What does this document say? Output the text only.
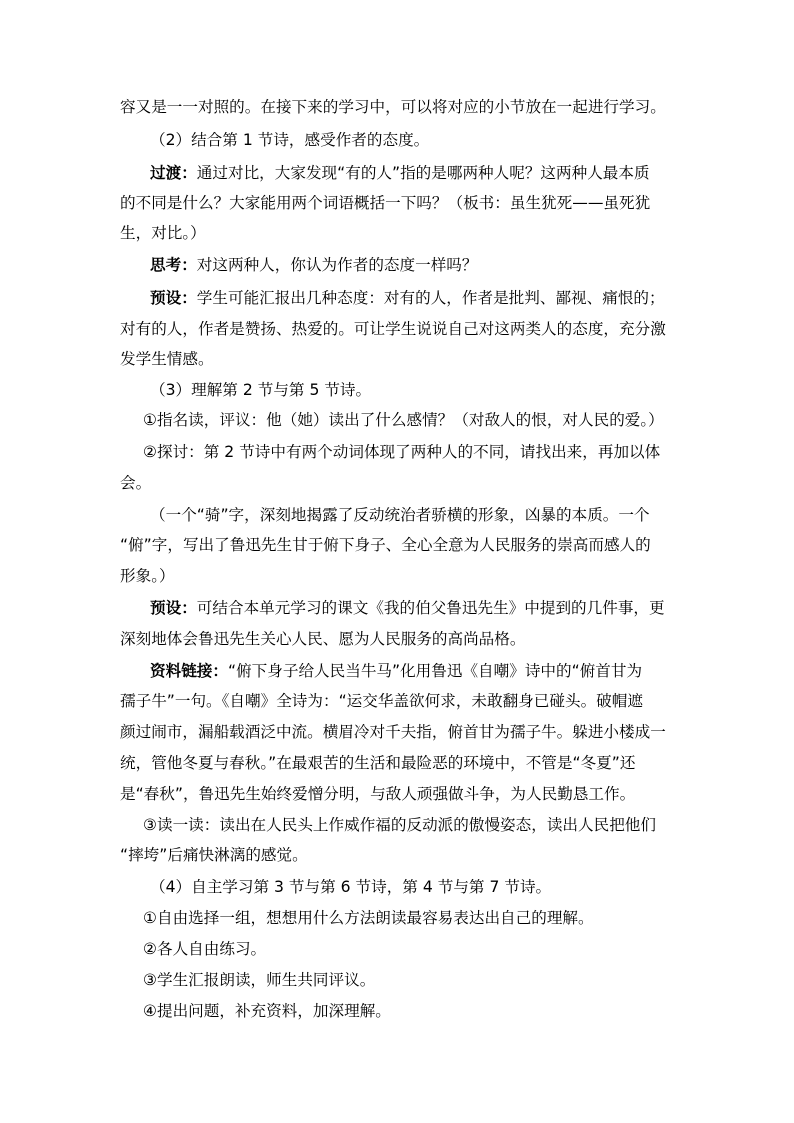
容又是一一对照的。在接下来的学习中，可以将对应的小节放在一起进行学习。
（2）结合第 1 节诗，感受作者的态度。
过渡：通过对比，大家发现“有的人”指的是哪两种人呢？这两种人最本质
的不同是什么？大家能用两个词语概括一下吗？（板书：虽生犹死——虽死犹
生，对比。）
思考：对这两种人，你认为作者的态度一样吗？
预设：学生可能汇报出几种态度：对有的人，作者是批判、鄙视、痛恨的；
对有的人，作者是赞扬、热爱的。可让学生说说自己对这两类人的态度，充分激
发学生情感。
（3）理解第 2 节与第 5 节诗。
①指名读，评议：他（她）读出了什么感情？（对敌人的恨，对人民的爱。）
②探讨：第 2 节诗中有两个动词体现了两种人的不同，请找出来，再加以体
会。
（一个“骑”字，深刻地揭露了反动统治者骄横的形象，凶暴的本质。一个
“俯”字，写出了鲁迅先生甘于俯下身子、全心全意为人民服务的崇高而感人的
形象。）
预设：可结合本单元学习的课文《我的伯父鲁迅先生》中提到的几件事，更
深刻地体会鲁迅先生关心人民、愿为人民服务的高尚品格。
资料链接：“俯下身子给人民当牛马”化用鲁迅《自嘲》诗中的“俯首甘为
孺子牛”一句。《自嘲》全诗为：“运交华盖欲何求，未敢翻身已碰头。破帽遮
颜过闹市，漏船载酒泛中流。横眉冷对千夫指，俯首甘为孺子牛。躲进小楼成一
统，管他冬夏与春秋。”在最艰苦的生活和最险恶的环境中，不管是“冬夏”还
是“春秋”，鲁迅先生始终爱憎分明，与敌人顽强做斗争，为人民勤恳工作。
③读一读：读出在人民头上作威作福的反动派的傲慢姿态，读出人民把他们
“摔垮”后痛快淋漓的感觉。
（4）自主学习第 3 节与第 6 节诗，第 4 节与第 7 节诗。
①自由选择一组，想想用什么方法朗读最容易表达出自己的理解。
②各人自由练习。
③学生汇报朗读，师生共同评议。
④提出问题，补充资料，加深理解。
